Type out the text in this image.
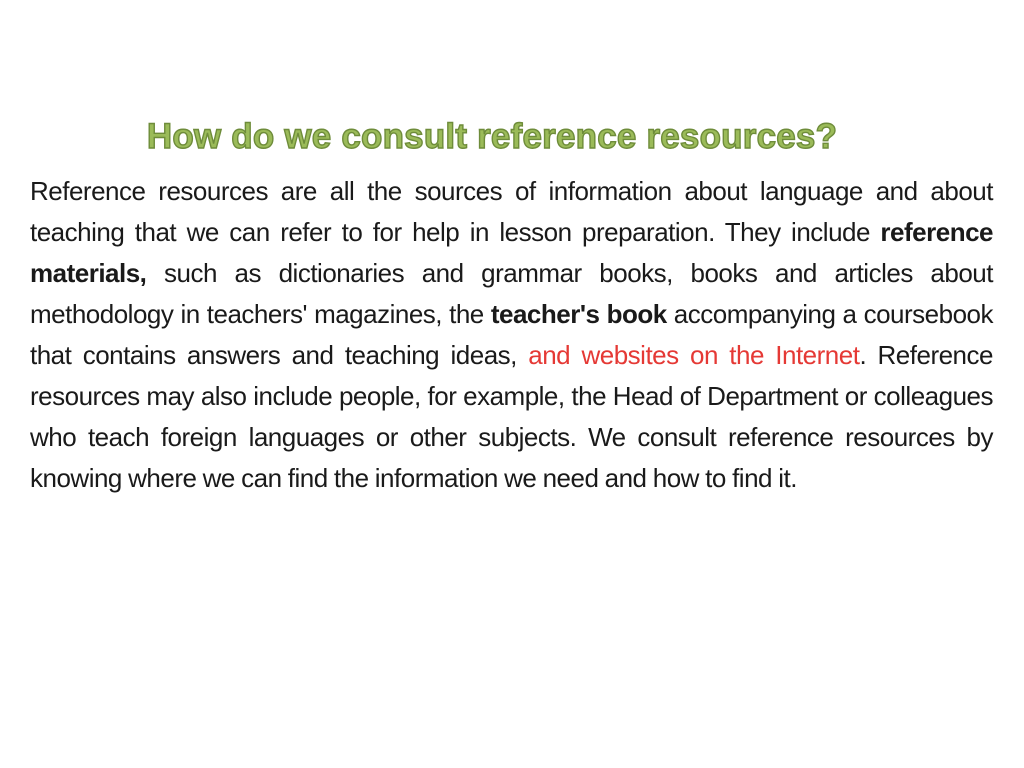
How do we consult reference resources?

Reference resources are all the sources of information about language and about teaching that we can refer to for help in lesson preparation. They include reference materials, such as dictionaries and grammar books, books and articles about methodology in teachers' magazines, the teacher's book accompanying a coursebook that contains answers and teaching ideas, and websites on the Internet. Reference resources may also include people, for example, the Head of Department or colleagues who teach foreign languages or other subjects. We consult reference resources by knowing where we can find the information we need and how to find it.
